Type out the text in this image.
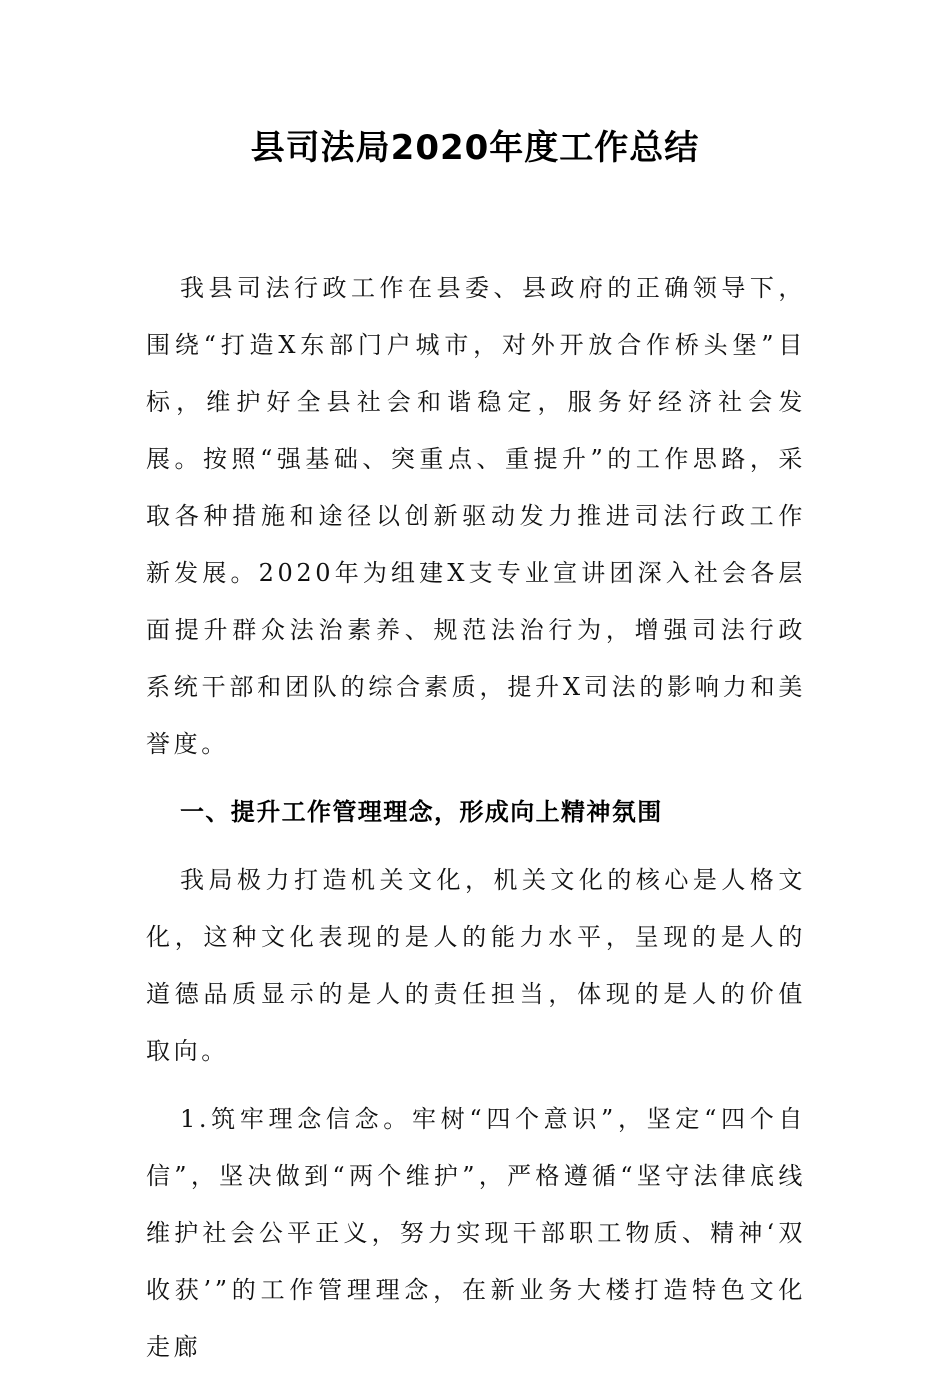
县司法局2020年度工作总结

我县司法行政工作在县委、县政府的正确领导下，围绕“打造X东部门户城市，对外开放合作桥头堡”目标，维护好全县社会和谐稳定，服务好经济社会发展。按照“强基础、突重点、重提升”的工作思路，采取各种措施和途径以创新驱动发力推进司法行政工作新发展。2020年为组建X支专业宣讲团深入社会各层面提升群众法治素养、规范法治行为，增强司法行政系统干部和团队的综合素质，提升X司法的影响力和美誉度。

一、提升工作管理理念，形成向上精神氛围

我局极力打造机关文化，机关文化的核心是人格文化，这种文化表现的是人的能力水平，呈现的是人的道德品质显示的是人的责任担当，体现的是人的价值取向。

1.筑牢理念信念。牢树“四个意识”，坚定“四个自信”，坚决做到“两个维护”，严格遵循“坚守法律底线维护社会公平正义，努力实现干部职工物质、精神‘双收获’”的工作管理理念，在新业务大楼打造特色文化走廊
